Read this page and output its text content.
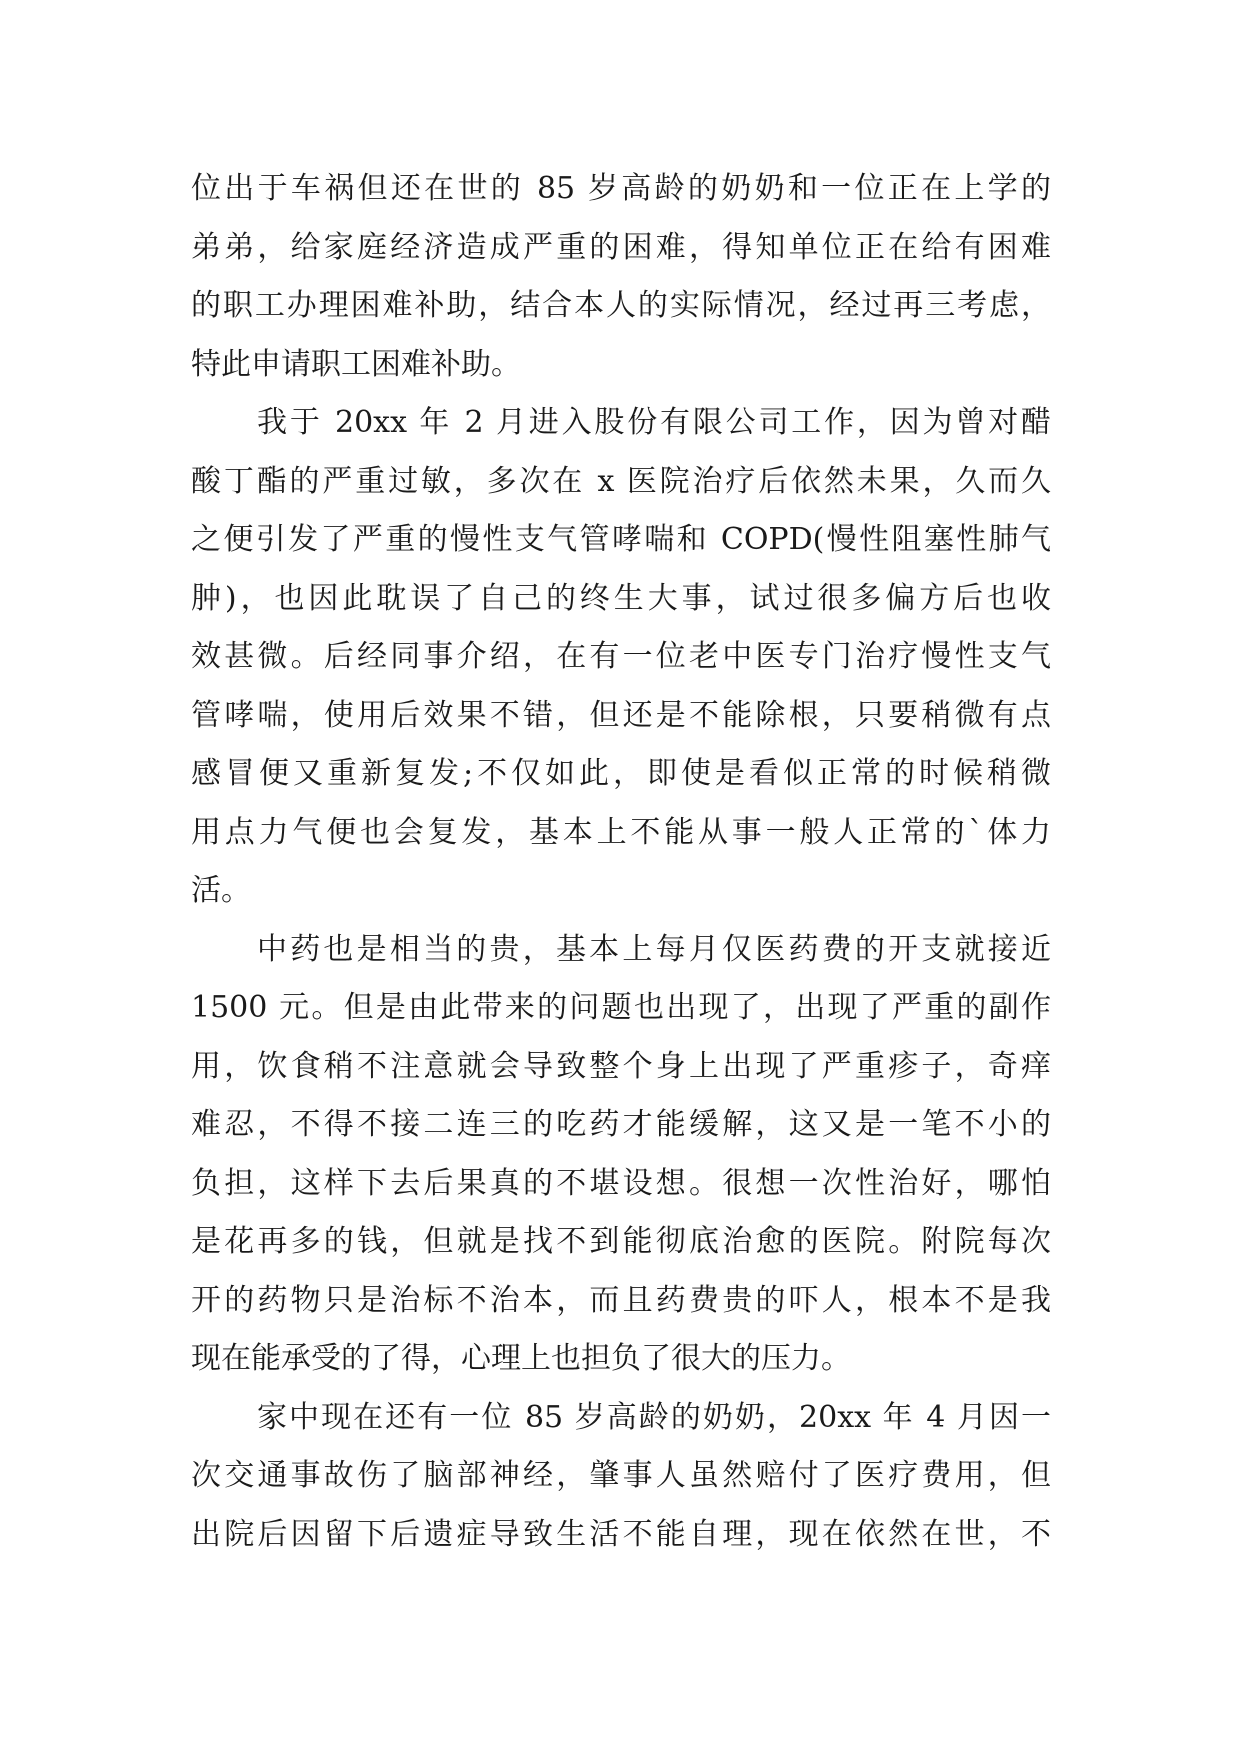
位出于车祸但还在世的 85 岁高龄的奶奶和一位正在上学的
弟弟，给家庭经济造成严重的困难，得知单位正在给有困难
的职工办理困难补助，结合本人的实际情况，经过再三考虑，
特此申请职工困难补助。
我于 20xx 年 2 月进入股份有限公司工作，因为曾对醋
酸丁酯的严重过敏，多次在 x 医院治疗后依然未果，久而久
之便引发了严重的慢性支气管哮喘和 COPD(慢性阻塞性肺气
肿)，也因此耽误了自己的终生大事，试过很多偏方后也收
效甚微。后经同事介绍，在有一位老中医专门治疗慢性支气
管哮喘，使用后效果不错，但还是不能除根，只要稍微有点
感冒便又重新复发;不仅如此，即使是看似正常的时候稍微
用点力气便也会复发，基本上不能从事一般人正常的`体力
活。
中药也是相当的贵，基本上每月仅医药费的开支就接近
1500 元。但是由此带来的问题也出现了，出现了严重的副作
用，饮食稍不注意就会导致整个身上出现了严重疹子，奇痒
难忍，不得不接二连三的吃药才能缓解，这又是一笔不小的
负担，这样下去后果真的不堪设想。很想一次性治好，哪怕
是花再多的钱，但就是找不到能彻底治愈的医院。附院每次
开的药物只是治标不治本，而且药费贵的吓人，根本不是我
现在能承受的了得，心理上也担负了很大的压力。
家中现在还有一位 85 岁高龄的奶奶，20xx 年 4 月因一
次交通事故伤了脑部神经，肇事人虽然赔付了医疗费用，但
出院后因留下后遗症导致生活不能自理，现在依然在世，不
